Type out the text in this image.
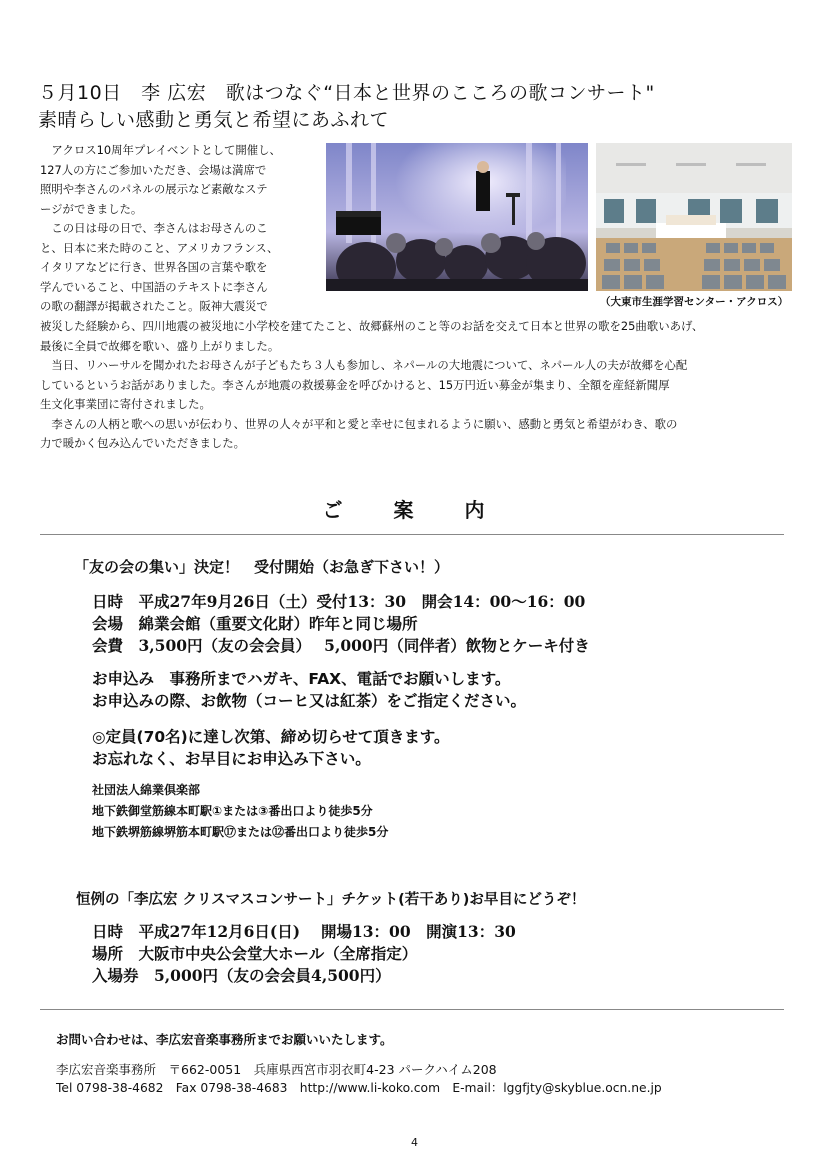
５月10日　李 広宏　歌はつなぐ“日本と世界のこころの歌コンサート"
素晴らしい感動と勇気と希望にあふれて
　アクロス10周年プレイベントとして開催し、
127人の方にご参加いただき、会場は満席で
照明や李さんのパネルの展示など素敵なステ
ージができました。
　この日は母の日で、李さんはお母さんのこ
と、日本に来た時のこと、アメリカフランス、
イタリアなどに行き、世界各国の言葉や歌を
学んでいること、中国語のテキストに李さん
の歌の翻譯が掲載されたこと。阪神大震災で	（大東市生涯学習センター・アクロス）
被災した経験から、四川地震の被災地に小学校を建てたこと、故郷蘇州のこと等のお話を交えて日本と世界の歌を25曲歌いあげ、
最後に全員で故郷を歌い、盛り上がりました。
　当日、リハーサルを聞かれたお母さんが子どもたち３人も参加し、ネパールの大地震について、ネパール人の夫が故郷を心配
しているというお話がありました。李さんが地震の救援募金を呼びかけると、15万円近い募金が集まり、全額を産経新聞厚
生文化事業団に寄付されました。
　李さんの人柄と歌への思いが伝わり、世界の人々が平和と愛と幸せに包まれるように願い、感動と勇気と希望がわき、歌の
力で暖かく包み込んでいただきました。
ご 案 内
「友の会の集い」決定！　受付開始（お急ぎ下さい！）
日時　平成27年9月26日（土）受付13：30　開会14：00～16：00
会場　綿業会館（重要文化財）昨年と同じ場所
会費　3,500円（友の会会員）　 5,000円（同伴者）飲物とケーキ付き
お申込み　事務所までハガキ、FAX、電話でお願いします。
お申込みの際、お飲物（コーヒ又は紅茶）をご指定ください。
◎定員(70名)に達し次第、締め切らせて頂きます。
お忘れなく、お早目にお申込み下さい。
社団法人綿業倶楽部
地下鉄御堂筋線本町駅①または③番出口より徒歩5分
地下鉄堺筋線堺筋本町駅⑰または⑫番出口より徒歩5分
恒例の「李広宏 クリスマスコンサート」チケット(若干あり)お早目にどうぞ！
日時　平成27年12月6日(日)　 開場13：00　開演13：30
場所　大阪市中央公会堂大ホール（全席指定）
入場券　5,000円（友の会会員4,500円）
お問い合わせは、李広宏音楽事務所までお願いいたします。
李広宏音楽事務所　〒662-0051　兵庫県西宮市羽衣町4-23 パークハイム208
Tel 0798-38-4682　Fax 0798-38-4683　http://www.li-koko.com　E-mail：lggfjty@skyblue.ocn.ne.jp
4
